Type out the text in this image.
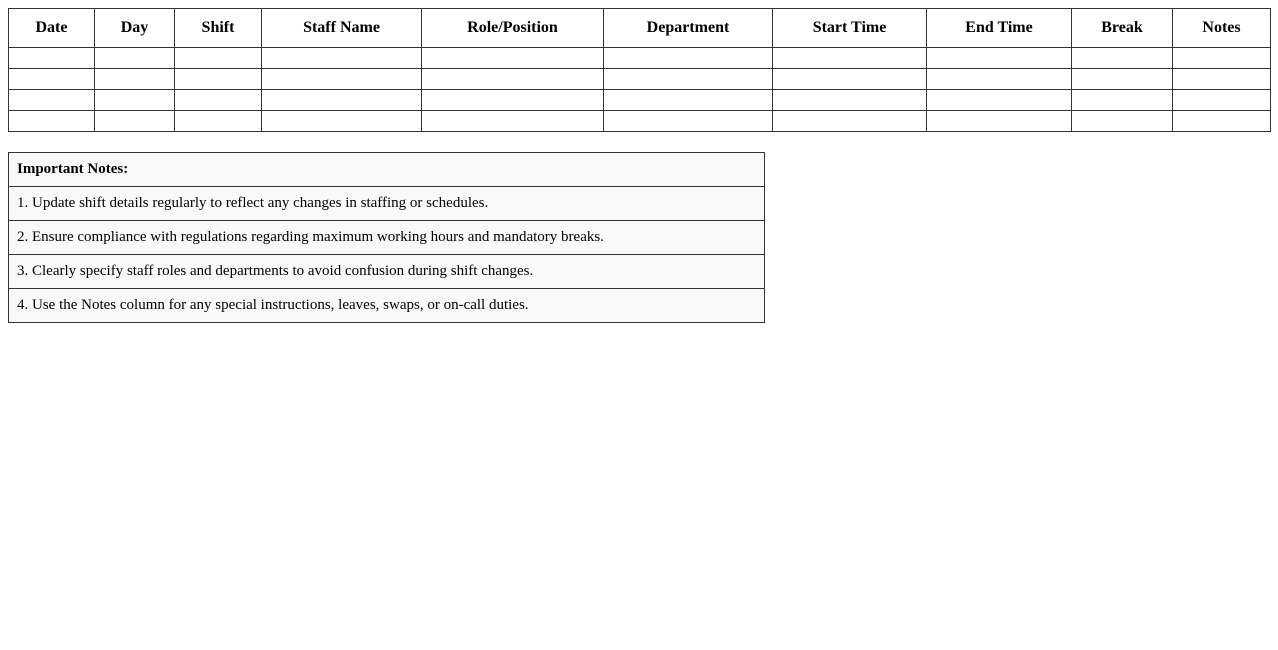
Date	Day	Shift	Staff Name	Role/Position	Department	Start Time	End Time	Break	Notes

Important Notes:
1. Update shift details regularly to reflect any changes in staffing or schedules.
2. Ensure compliance with regulations regarding maximum working hours and mandatory breaks.
3. Clearly specify staff roles and departments to avoid confusion during shift changes.
4. Use the Notes column for any special instructions, leaves, swaps, or on-call duties.
